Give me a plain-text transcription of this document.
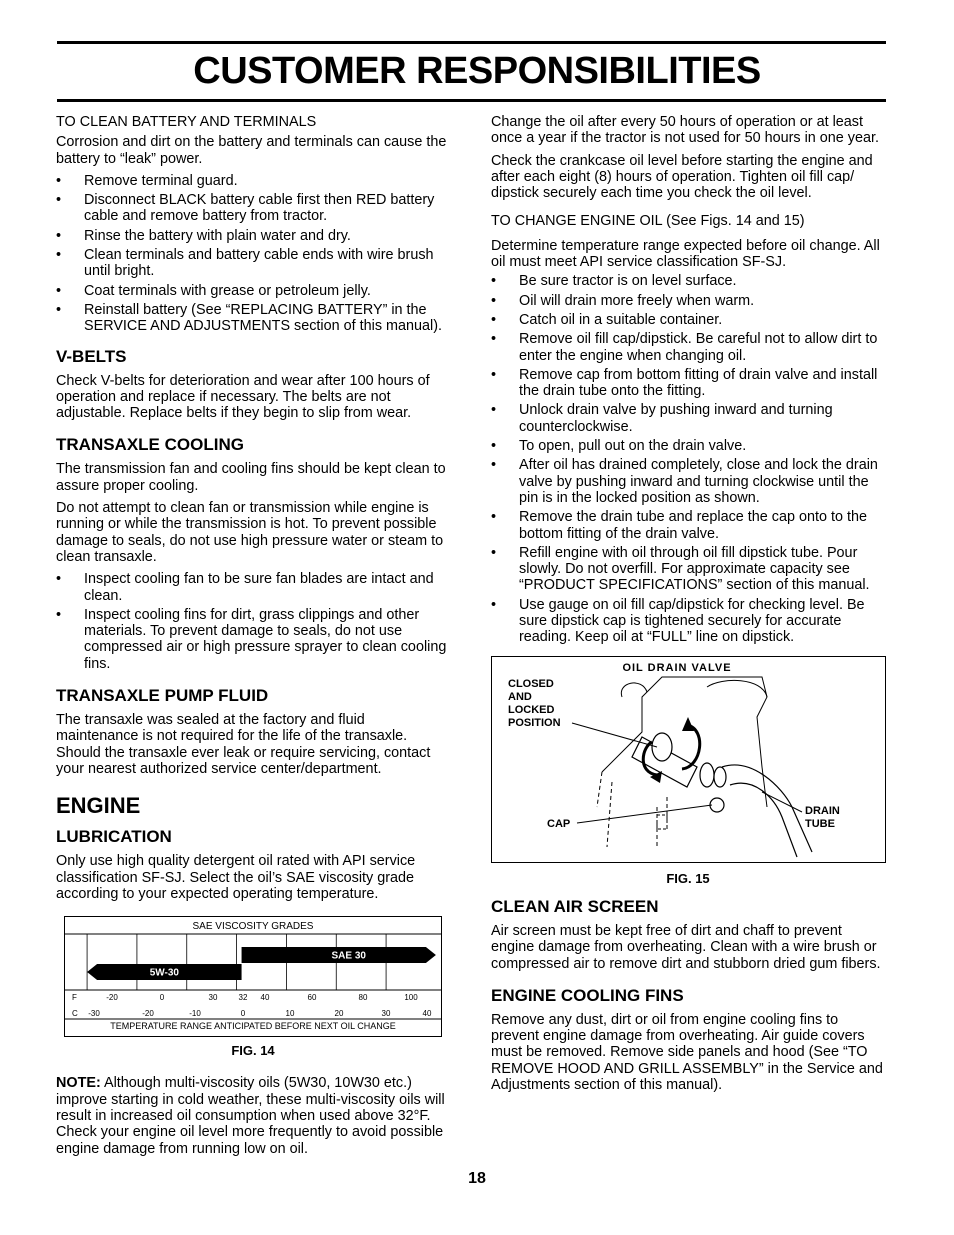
CUSTOMER RESPONSIBILITIES

TO CLEAN BATTERY AND TERMINALS

Corrosion and dirt on the battery and terminals can cause the battery to “leak” power.

• Remove terminal guard.
• Disconnect BLACK battery cable first then RED battery cable and remove battery from tractor.
• Rinse the battery with plain water and dry.
• Clean terminals and battery cable ends with wire brush until bright.
• Coat terminals with grease or petroleum jelly.
• Reinstall battery (See “REPLACING BATTERY” in the SERVICE AND ADJUSTMENTS section of this manual).
V-BELTS

Check V-belts for deterioration and wear after 100 hours of operation and replace if necessary. The belts are not adjustable. Replace belts if they begin to slip from wear.

TRANSAXLE COOLING

The transmission fan and cooling fins should be kept clean to assure proper cooling.

Do not attempt to clean fan or transmission while engine is running or while the transmission is hot. To prevent possible damage to seals, do not use high pressure water or steam to clean transaxle.

• Inspect cooling fan to be sure fan blades are intact and clean.
• Inspect cooling fins for dirt, grass clippings and other materials. To prevent damage to seals, do not use compressed air or high pressure sprayer to clean cooling fins.
TRANSAXLE PUMP FLUID

The transaxle was sealed at the factory and fluid maintenance is not required for the life of the transaxle. Should the transaxle ever leak or require servicing, contact your nearest authorized service center/department.

ENGINE
LUBRICATION

Only use high quality detergent oil rated with API service classification SF-SJ. Select the oil’s SAE viscosity grade according to your expected operating temperature.

SAE VISCOSITY GRADES
SAE 30
5W-30
F
C
-20	0	30	32 40	60	80	100
-30	-20	-10	0	10	20	30	40
TEMPERATURE RANGE ANTICIPATED BEFORE NEXT OIL CHANGE
FIG. 14

NOTE: Although multi-viscosity oils (5W30, 10W30 etc.) improve starting in cold weather, these multi-viscosity oils will result in increased oil consumption when used above 32°F. Check your engine oil level more frequently to avoid possible engine damage from running low on oil.

Change the oil after every 50 hours of operation or at least once a year if the tractor is not used for 50 hours in one year.

Check the crankcase oil level before starting the engine and after each eight (8) hours of operation. Tighten oil fill cap/ dipstick securely each time you check the oil level.

TO CHANGE ENGINE OIL (See Figs. 14 and 15)

Determine temperature range expected before oil change. All oil must meet API service classification SF-SJ.

• Be sure tractor is on level surface.
• Oil will drain more freely when warm.
• Catch oil in a suitable container.
• Remove oil fill cap/dipstick. Be careful not to allow dirt to enter the engine when changing oil.
• Remove cap from bottom fitting of drain valve and install the drain tube onto the fitting.
• Unlock drain valve by pushing inward and turning counterclockwise.
• To open, pull out on the drain valve.
• After oil has drained completely, close and lock the drain valve by pushing inward and turning clockwise until the pin is in the locked position as shown.
• Remove the drain tube and replace the cap onto to the bottom fitting of the drain valve.
• Refill engine with oil through oil fill dipstick tube. Pour slowly. Do not overfill. For approximate capacity see “PRODUCT SPECIFICATIONS” section of this manual.
• Use gauge on oil fill cap/dipstick for checking level. Be sure dipstick cap is tightened securely for accurate reading. Keep oil at “FULL” line on dipstick.
OIL DRAIN VALVE
CLOSED
AND
LOCKED
POSITION
CAP
DRAIN
TUBE
FIG. 15
CLEAN AIR SCREEN

Air screen must be kept free of dirt and chaff to prevent engine damage from overheating. Clean with a wire brush or compressed air to remove dirt and stubborn dried gum fibers.

ENGINE COOLING FINS

Remove any dust, dirt or oil from engine cooling fins to prevent engine damage from overheating. Air guide covers must be removed. Remove side panels and hood (See “TO REMOVE HOOD AND GRILL ASSEMBLY” in the Service and Adjustments section of this manual).

18
